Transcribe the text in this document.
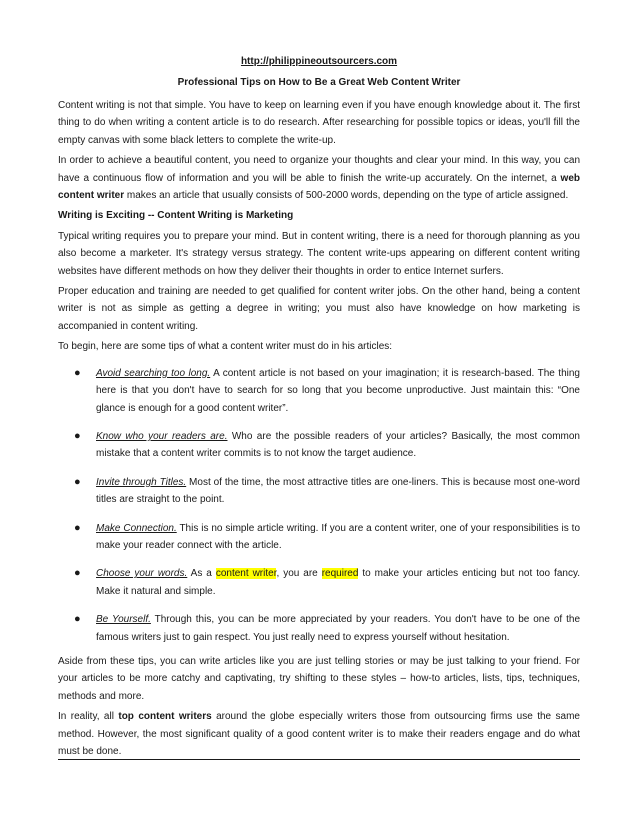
http://philippineoutsourcers.com
Professional Tips on How to Be a Great Web Content Writer

Content writing is not that simple. You have to keep on learning even if you have enough knowledge about it. The first thing to do when writing a content article is to do research. After researching for possible topics or ideas, you'll fill the empty canvas with some black letters to complete the write-up.

In order to achieve a beautiful content, you need to organize your thoughts and clear your mind. In this way, you can have a continuous flow of information and you will be able to finish the write-up accurately. On the internet, a web content writer makes an article that usually consists of 500-2000 words, depending on the type of article assigned.

Writing is Exciting -- Content Writing is Marketing

Typical writing requires you to prepare your mind. But in content writing, there is a need for thorough planning as you also become a marketer. It's strategy versus strategy. The content write-ups appearing on different content writing websites have different methods on how they deliver their thoughts in order to entice Internet surfers.

Proper education and training are needed to get qualified for content writer jobs. On the other hand, being a content writer is not as simple as getting a degree in writing; you must also have knowledge on how marketing is accompanied in content writing.

To begin, here are some tips of what a content writer must do in his articles:

● Avoid searching too long. A content article is not based on your imagination; it is research-based. The thing here is that you don't have to search for so long that you become unproductive. Just maintain this: “One glance is enough for a good content writer”.
● Know who your readers are. Who are the possible readers of your articles? Basically, the most common mistake that a content writer commits is to not know the target audience.
● Invite through Titles. Most of the time, the most attractive titles are one-liners. This is because most one-word titles are straight to the point.
● Make Connection. This is no simple article writing. If you are a content writer, one of your responsibilities is to make your reader connect with the article.
● Choose your words. As a content writer, you are required to make your articles enticing but not too fancy. Make it natural and simple.
● Be Yourself. Through this, you can be more appreciated by your readers. You don't have to be one of the famous writers just to gain respect. You just really need to express yourself without hesitation.

Aside from these tips, you can write articles like you are just telling stories or may be just talking to your friend. For your articles to be more catchy and captivating, try shifting to these styles – how-to articles, lists, tips, techniques, methods and more.

In reality, all top content writers around the globe especially writers those from outsourcing firms use the same method. However, the most significant quality of a good content writer is to make their readers engage and do what must be done.
